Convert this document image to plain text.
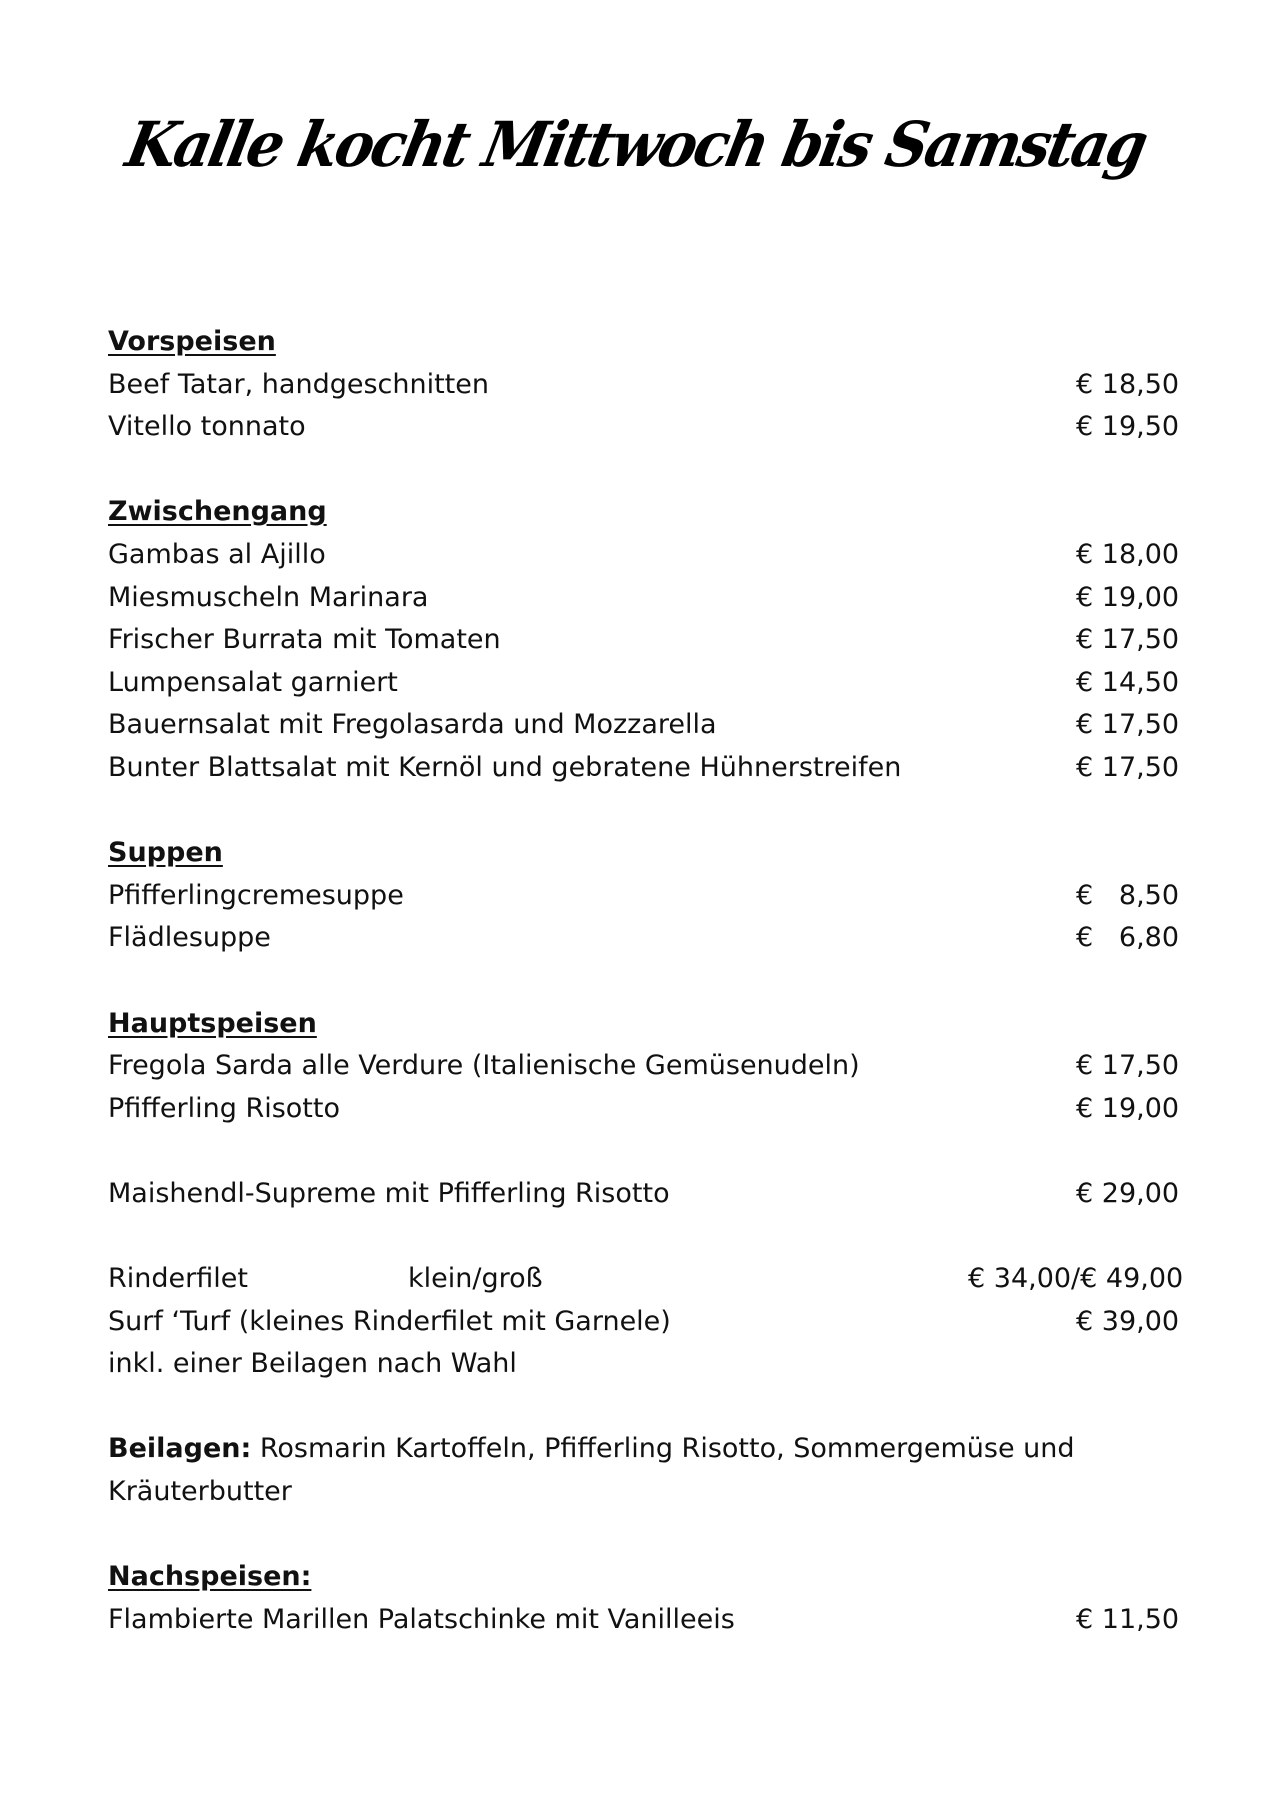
Kalle kocht Mittwoch bis Samstag
Vorspeisen
Beef Tatar, handgeschnitten	€ 18,50
Vitello tonnato	€ 19,50
Zwischengang
Gambas al Ajillo	€ 18,00
Miesmuscheln Marinara	€ 19,00
Frischer Burrata mit Tomaten	€ 17,50
Lumpensalat garniert	€ 14,50
Bauernsalat mit Fregolasarda und Mozzarella	€ 17,50
Bunter Blattsalat mit Kernöl und gebratene Hühnerstreifen	€ 17,50
Suppen
Pfifferlingcremesuppe	€   8,50
Flädlesuppe	€   6,80
Hauptspeisen
Fregola Sarda alle Verdure (Italienische Gemüsenudeln)	€ 17,50
Pfifferling Risotto	€ 19,00
Maishendl-Supreme mit Pfifferling Risotto	€ 29,00
Rinderfilet	klein/groß	€ 34,00/€ 49,00
Surf ‘Turf (kleines Rinderfilet mit Garnele)	€ 39,00
inkl. einer Beilagen nach Wahl
Beilagen: Rosmarin Kartoffeln, Pfifferling Risotto, Sommergemüse und Kräuterbutter
Nachspeisen:
Flambierte Marillen Palatschinke mit Vanilleeis	€ 11,50
